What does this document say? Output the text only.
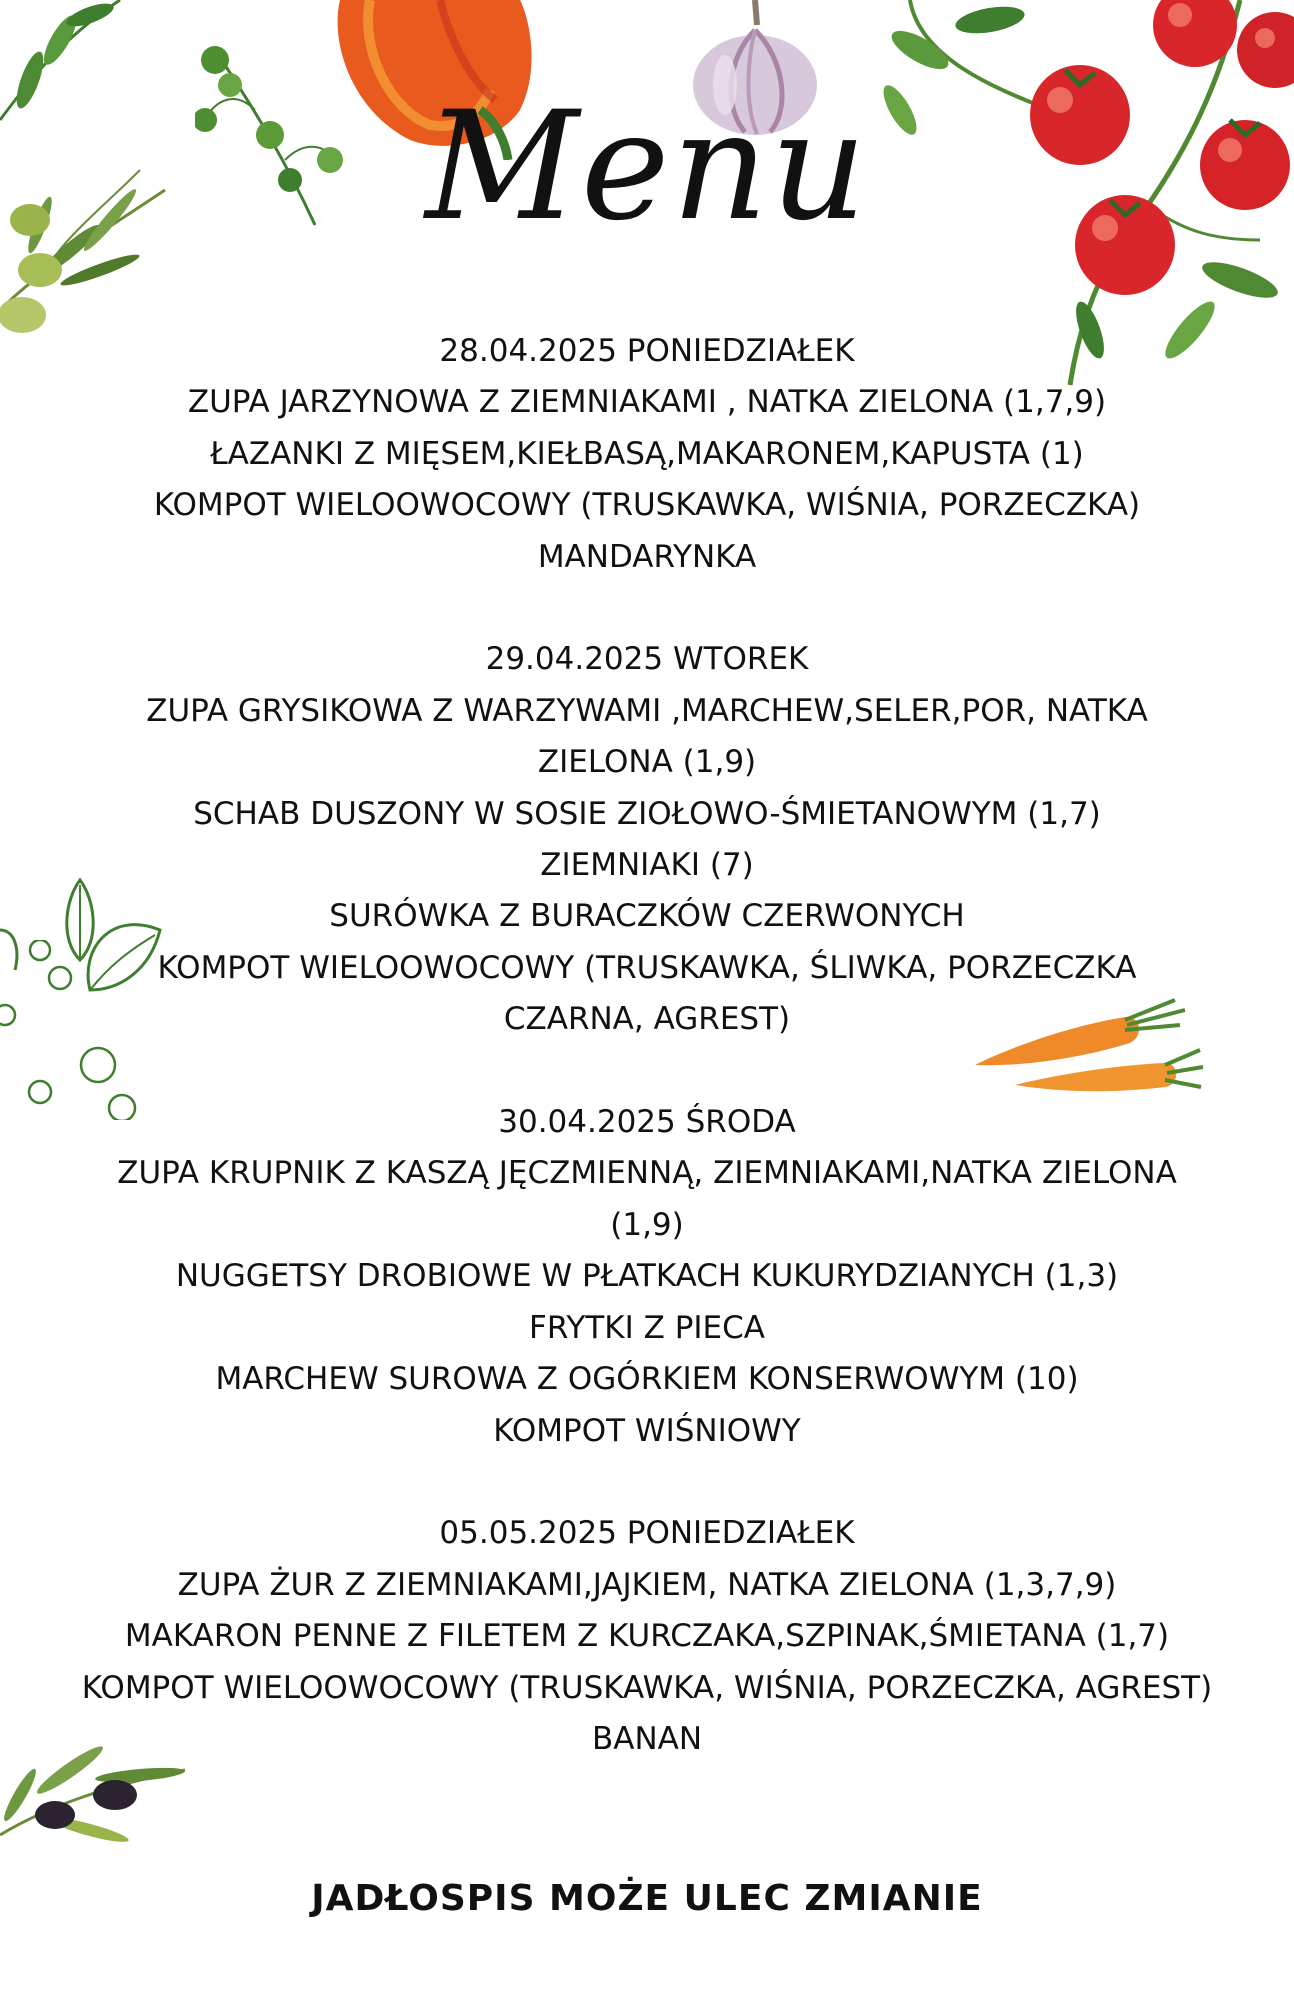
Menu
28.04.2025 PONIEDZIAŁEK
ZUPA JARZYNOWA Z ZIEMNIAKAMI , NATKA ZIELONA (1,7,9)
ŁAZANKI Z MIĘSEM,KIEŁBASĄ,MAKARONEM,KAPUSTA (1)
KOMPOT WIELOOWOCOWY (TRUSKAWKA, WIŚNIA, PORZECZKA)
MANDARYNKA
29.04.2025 WTOREK
ZUPA GRYSIKOWA Z WARZYWAMI ,MARCHEW,SELER,POR, NATKA
ZIELONA (1,9)
SCHAB DUSZONY W SOSIE ZIOŁOWO-ŚMIETANOWYM (1,7)
ZIEMNIAKI (7)
SURÓWKA Z BURACZKÓW CZERWONYCH
KOMPOT WIELOOWOCOWY (TRUSKAWKA, ŚLIWKA, PORZECZKA
CZARNA, AGREST)
30.04.2025 ŚRODA
ZUPA KRUPNIK Z KASZĄ JĘCZMIENNĄ, ZIEMNIAKAMI,NATKA ZIELONA
(1,9)
NUGGETSY DROBIOWE W PŁATKACH KUKURYDZIANYCH (1,3)
FRYTKI Z PIECA
MARCHEW SUROWA Z OGÓRKIEM KONSERWOWYM (10)
KOMPOT WIŚNIOWY
05.05.2025 PONIEDZIAŁEK
ZUPA ŻUR Z ZIEMNIAKAMI,JAJKIEM, NATKA ZIELONA (1,3,7,9)
MAKARON PENNE Z FILETEM Z KURCZAKA,SZPINAK,ŚMIETANA (1,7)
KOMPOT WIELOOWOCOWY (TRUSKAWKA, WIŚNIA, PORZECZKA, AGREST)
BANAN
JADŁOSPIS MOŻE ULEC ZMIANIE
